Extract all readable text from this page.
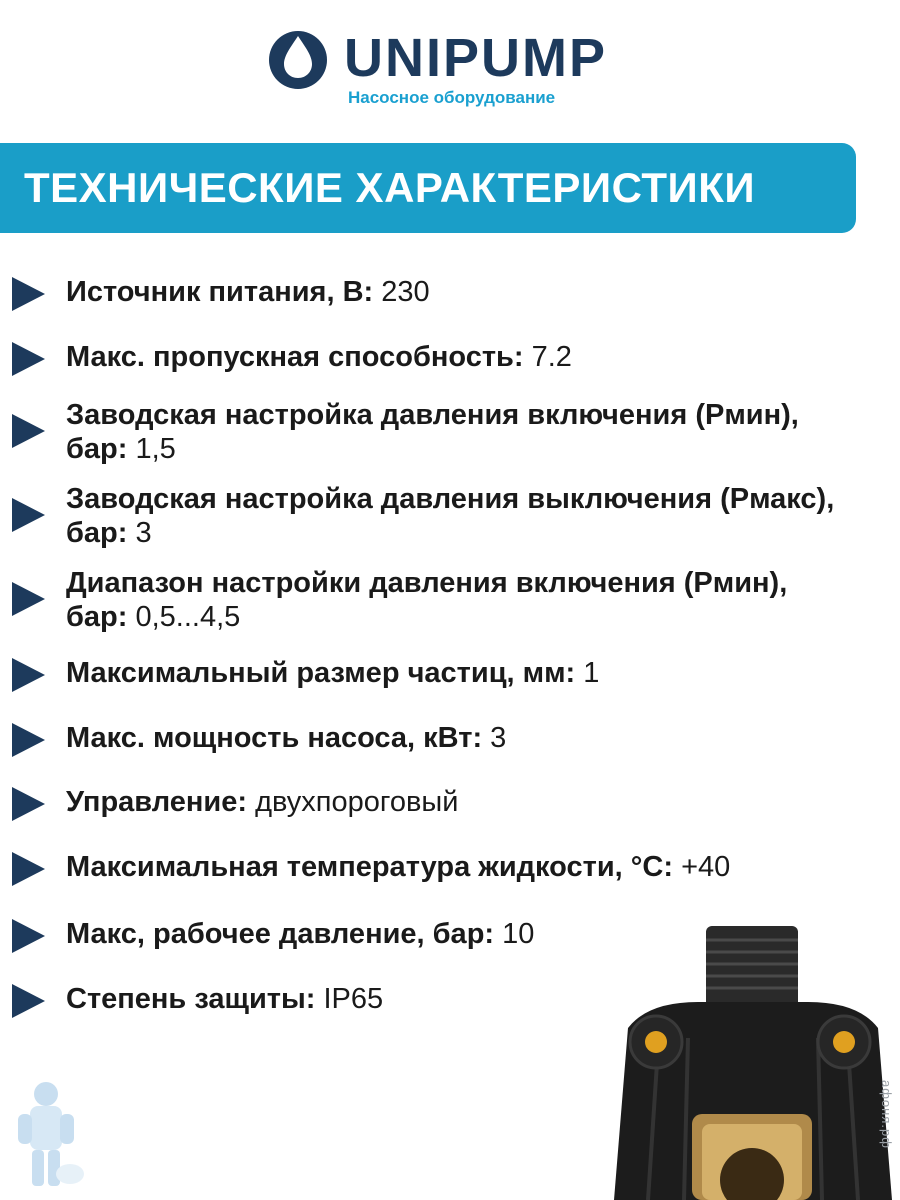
UNIPUMP
Насосное оборудование
ТЕХНИЧЕСКИЕ ХАРАКТЕРИСТИКИ
Источник питания, В: 230
Макс. пропускная способность: 7.2
Заводская настройка давления включения (Рмин), бар: 1,5
Заводская настройка давления выключения (Рмакс), бар: 3
Диапазон настройки давления включения (Рмин), бар: 0,5...4,5
Максимальный размер частиц, мм: 1
Макс. мощность насоса, кВт: 3
Управление: двухпороговый
Максимальная температура жидкости, °С: +40
Макс, рабочее давление, бар: 10
Степень защиты: IP65
афоня.рф
